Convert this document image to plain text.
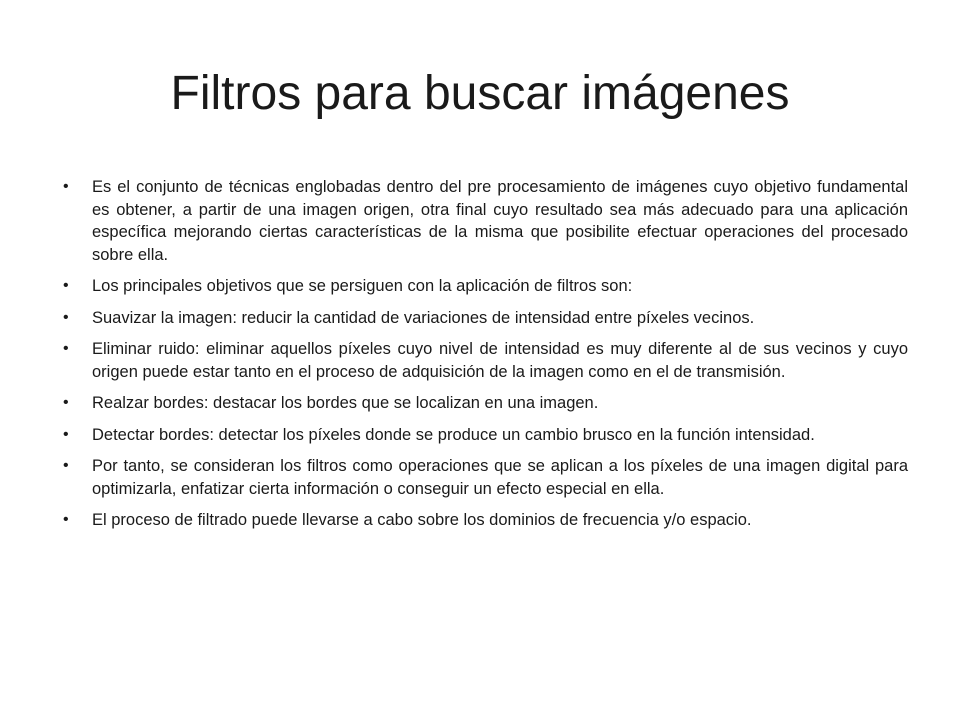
Filtros para buscar imágenes
• Es el conjunto de técnicas englobadas dentro del pre procesamiento de imágenes cuyo objetivo fundamental es obtener, a partir de una imagen origen, otra final cuyo resultado sea más adecuado para una aplicación específica mejorando ciertas características de la misma que posibilite efectuar operaciones del procesado sobre ella.
• Los principales objetivos que se persiguen con la aplicación de filtros son:
• Suavizar la imagen: reducir la cantidad de variaciones de intensidad entre píxeles vecinos.
• Eliminar ruido: eliminar aquellos píxeles cuyo nivel de intensidad es muy diferente al de sus vecinos y cuyo origen puede estar tanto en el proceso de adquisición de la imagen como en el de transmisión.
• Realzar bordes: destacar los bordes que se localizan en una imagen.
• Detectar bordes: detectar los píxeles donde se produce un cambio brusco en la función intensidad.
• Por tanto, se consideran los filtros como operaciones que se aplican a los píxeles de una imagen digital para optimizarla, enfatizar cierta información o conseguir un efecto especial en ella.
• El proceso de filtrado puede llevarse a cabo sobre los dominios de frecuencia y/o espacio.
